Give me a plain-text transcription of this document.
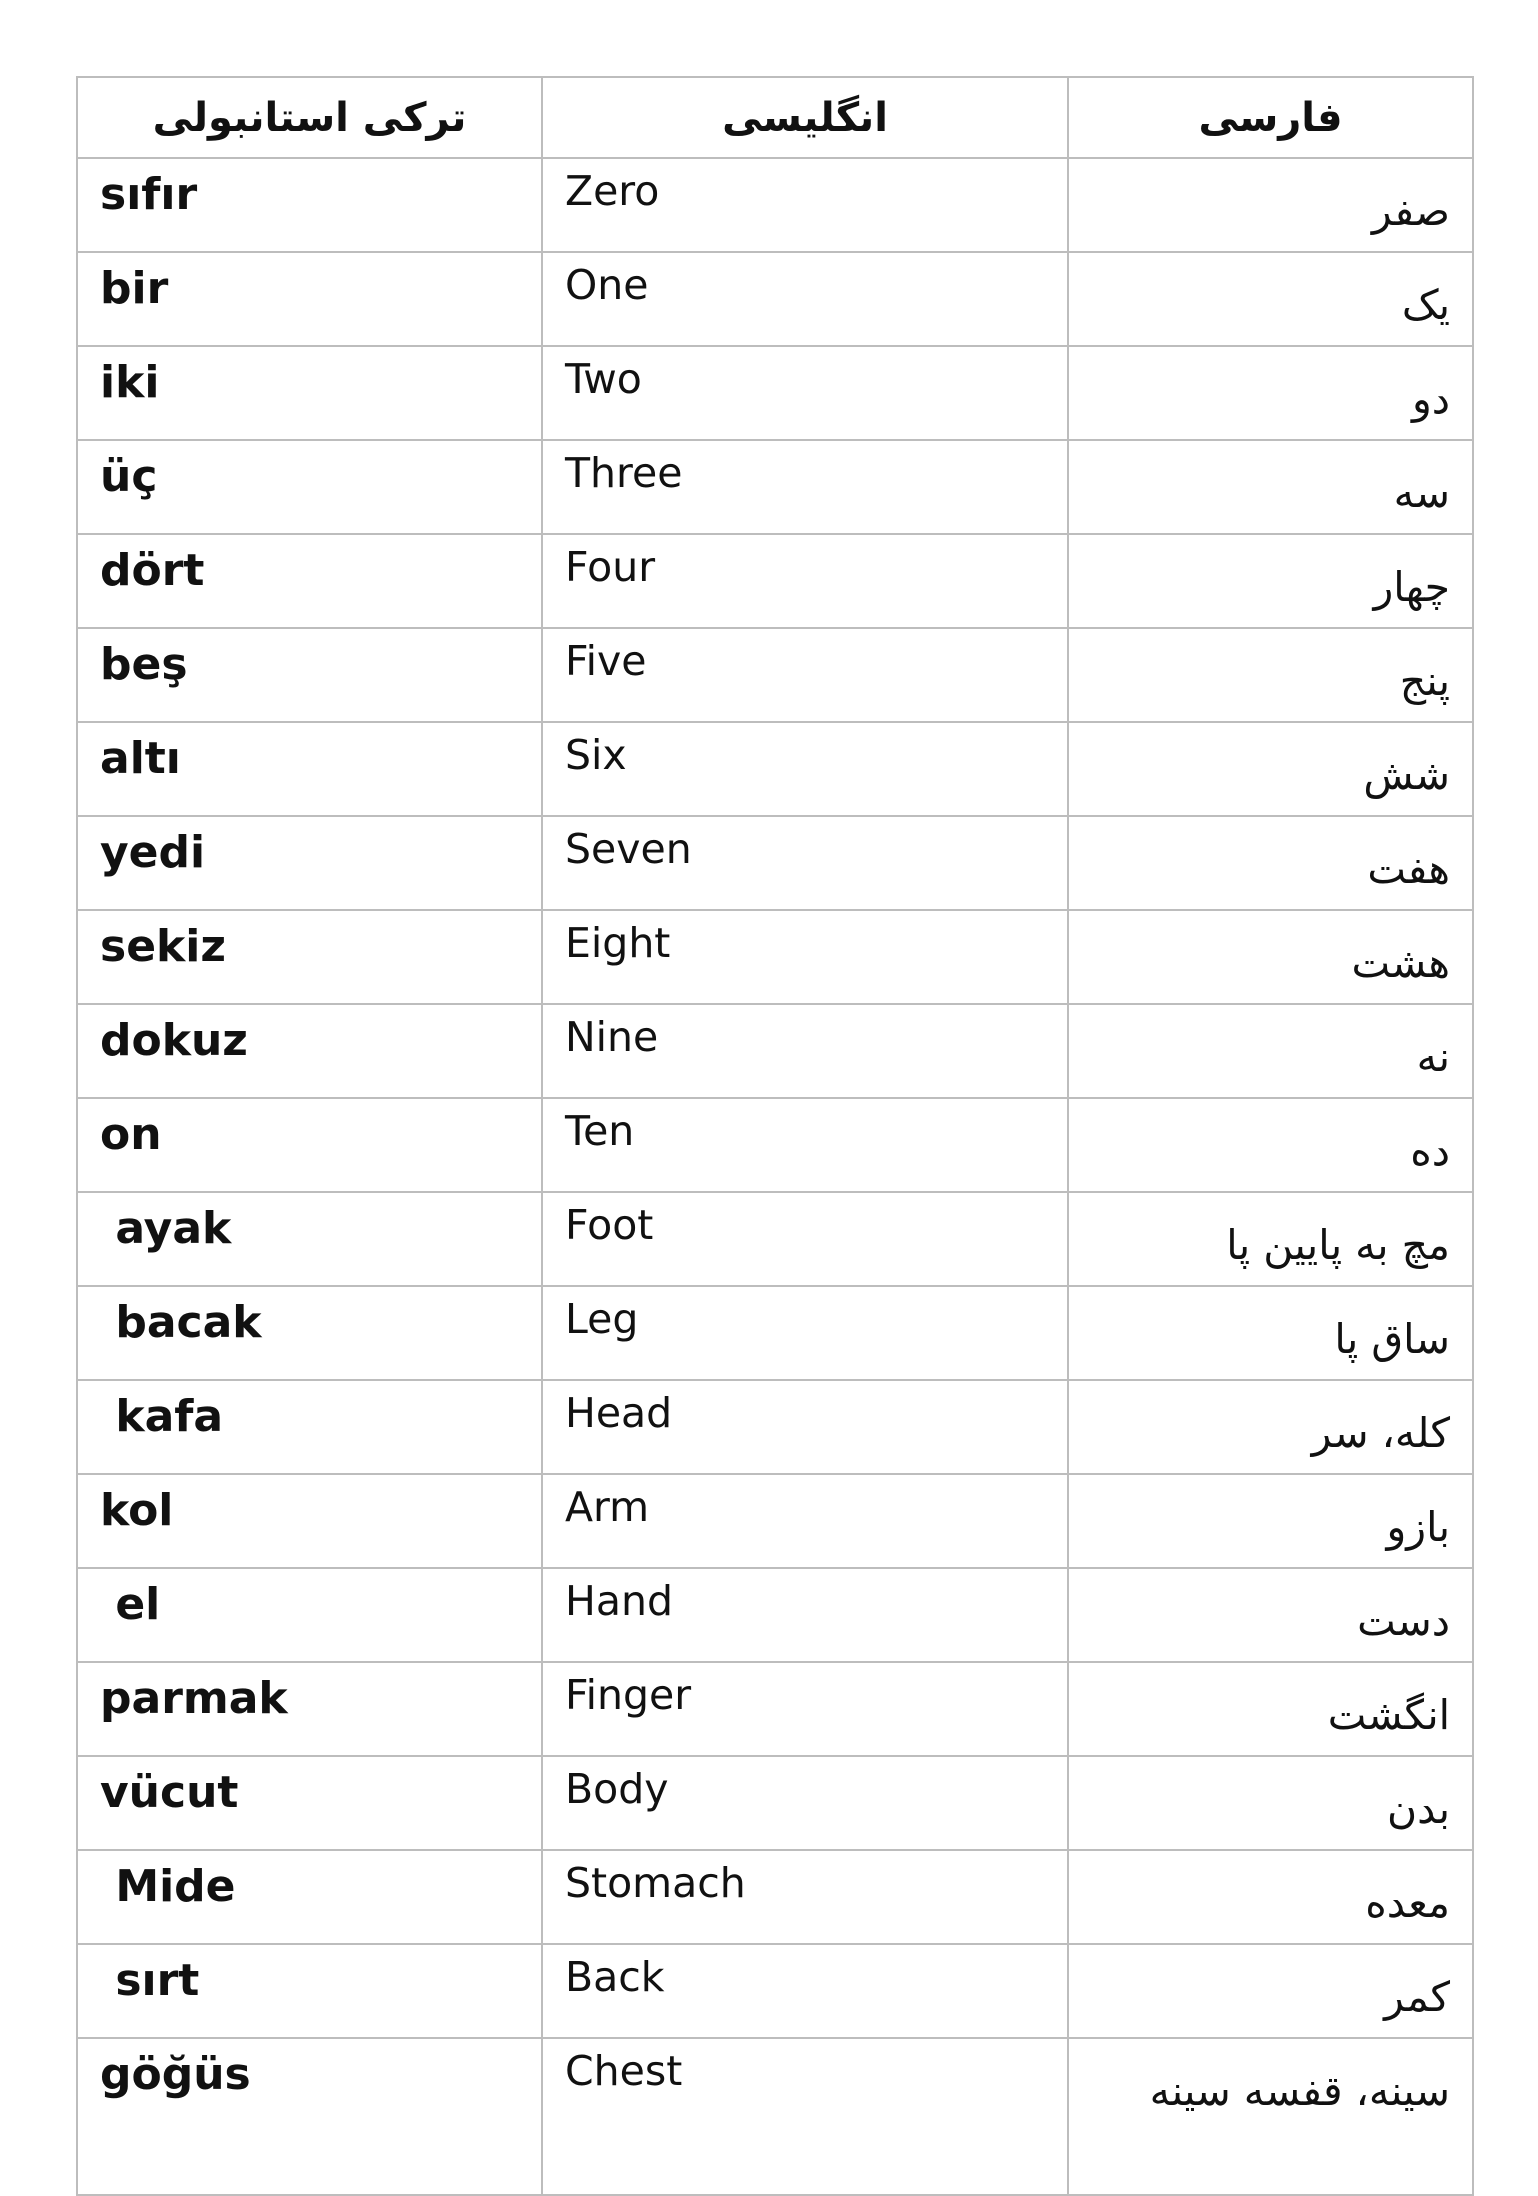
ترکی استانبولی	انگلیسی	فارسی
sıfır	Zero	صفر
bir	One	یک
iki	Two	دو
üç	Three	سه
dört	Four	چهار
beş	Five	پنج
altı	Six	شش
yedi	Seven	هفت
sekiz	Eight	هشت
dokuz	Nine	نه
on	Ten	ده
ayak	Foot	مچ به پایین پا
bacak	Leg	ساق پا
kafa	Head	کله، سر
kol	Arm	بازو
el	Hand	دست
parmak	Finger	انگشت
vücut	Body	بدن
Mide	Stomach	معده
sırt	Back	کمر
göğüs	Chest	سینه، قفسه سینه
